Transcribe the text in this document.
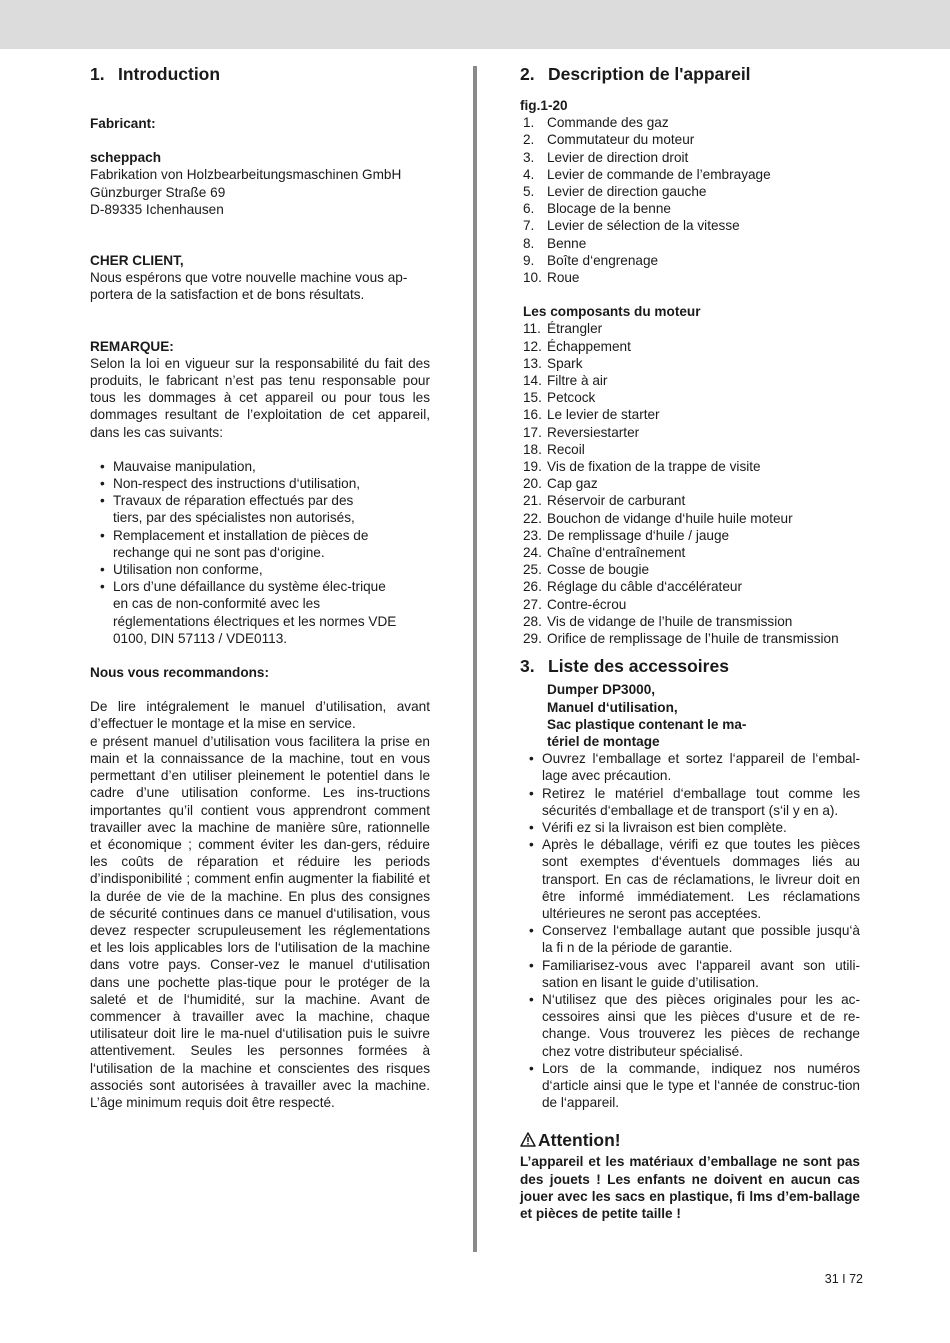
1. Introduction

Fabricant:

scheppach

Fabrikation von Holzbearbeitungsmaschinen GmbH

Günzburger Straße 69

D-89335 Ichenhausen

CHER CLIENT,

Nous espérons que votre nouvelle machine vous ap-portera de la satisfaction et de bons résultats.

REMARQUE:

Selon la loi en vigueur sur la responsabilité du fait des produits, le fabricant n’est pas tenu responsable pour tous les dommages à cet appareil ou pour tous les dommages resultant de l’exploitation de cet appareil, dans les cas suivants:

• Mauvaise manipulation,
• Non-respect des instructions d‘utilisation,
• Travaux de réparation effectués par des tiers, par des spécialistes non autorisés,
• Remplacement et installation de pièces de rechange qui ne sont pas d‘origine.
• Utilisation non conforme,
• Lors d’une défaillance du système élec-trique en cas de non-conformité avec les réglementations électriques et les normes VDE 0100, DIN 57113 / VDE0113.

Nous vous recommandons:

De lire intégralement le manuel d’utilisation, avant d’effectuer le montage et la mise en service.

e présent manuel d’utilisation vous facilitera la prise en main et la connaissance de la machine, tout en vous permettant d’en utiliser pleinement le potentiel dans le cadre d’une utilisation conforme. Les ins-tructions importantes qu’il contient vous apprendront comment travailler avec la machine de manière sûre, rationnelle et économique ; comment éviter les dan-gers, réduire les coûts de réparation et réduire les periods d’indisponibilité ; comment enfin augmenter la fiabilité et la durée de vie de la machine. En plus des consignes de sécurité continues dans ce manuel d‘utilisation, vous devez respecter scrupuleusement les réglementations et les lois applicables lors de l‘utilisation de la machine dans votre pays. Conser-vez le manuel d‘utilisation dans une pochette plas-tique pour le protéger de la saleté et de l‘humidité, sur la machine. Avant de commencer à travailler avec la machine, chaque utilisateur doit lire le ma-nuel d‘utilisation puis le suivre attentivement. Seules les personnes formées à l‘utilisation de la machine et conscientes des risques associés sont autorisées à travailler avec la machine. L’âge minimum requis doit être respecté.

2. Description de l'appareil

fig.1-20

1. Commande des gaz
2. Commutateur du moteur
3. Levier de direction droit
4. Levier de commande de l’embrayage
5. Levier de direction gauche
6. Blocage de la benne
7. Levier de sélection de la vitesse
8. Benne
9. Boîte d‘engrenage
10. Roue

Les composants du moteur

11. Étrangler
12. Échappement
13. Spark
14. Filtre à air
15. Petcock
16. Le levier de starter
17. Reversiestarter
18. Recoil
19. Vis de fixation de la trappe de visite
20. Cap gaz
21. Réservoir de carburant
22. Bouchon de vidange d‘huile huile moteur
23. De remplissage d‘huile / jauge
24. Chaîne d‘entraînement
25. Cosse de bougie
26. Réglage du câble d‘accélérateur
27. Contre-écrou
28. Vis de vidange de l’huile de transmission
29. Orifice de remplissage de l’huile de transmission
3. Liste des accessoires

Dumper DP3000,

Manuel d‘utilisation,

Sac plastique contenant le ma-

tériel de montage

• Ouvrez l‘emballage et sortez l‘appareil de l‘embal-lage avec précaution.
• Retirez le matériel d‘emballage tout comme les sécurités d‘emballage et de transport (s‘il y en a).
• Vérifi ez si la livraison est bien complète.
• Après le déballage, vérifi ez que toutes les pièces sont exemptes d‘éventuels dommages liés au transport. En cas de réclamations, le livreur doit en être informé immédiatement. Les réclamations ultérieures ne seront pas acceptées.
• Conservez l‘emballage autant que possible jusqu‘à la fi n de la période de garantie.
• Familiarisez-vous avec l‘appareil avant son utili-sation en lisant le guide d’utilisation.
• N‘utilisez que des pièces originales pour les ac-cessoires ainsi que les pièces d‘usure et de re-change. Vous trouverez les pièces de rechange chez votre distributeur spécialisé.
• Lors de la commande, indiquez nos numéros d‘article ainsi que le type et l‘année de construc-tion de l‘appareil.
Attention!

L’appareil et les matériaux d’emballage ne sont pas des jouets ! Les enfants ne doivent en aucun cas jouer avec les sacs en plastique, fi lms d’em-ballage et pièces de petite taille !

31 I 72
